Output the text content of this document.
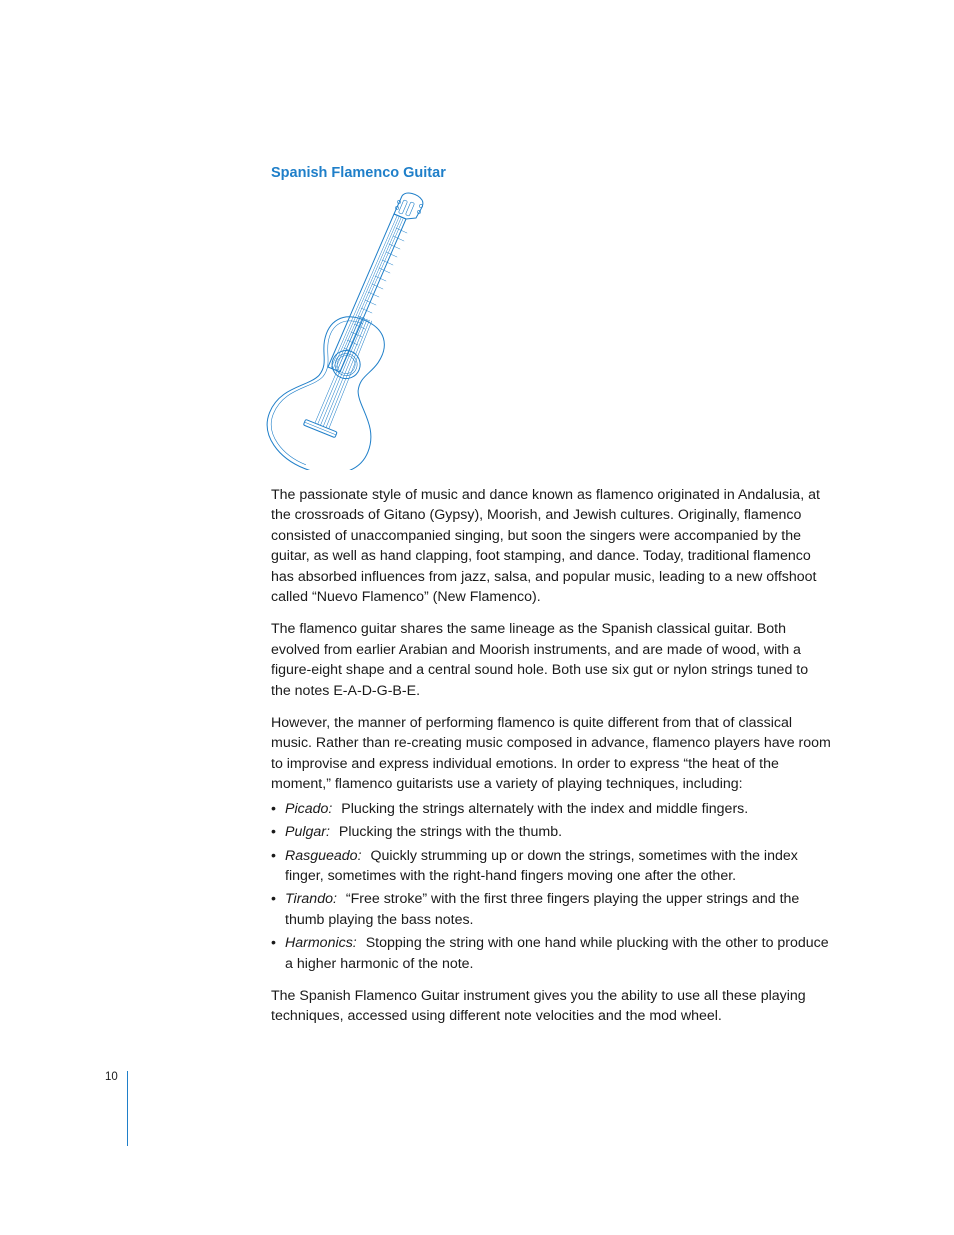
Spanish Flamenco Guitar

The passionate style of music and dance known as flamenco originated in Andalusia, at the crossroads of Gitano (Gypsy), Moorish, and Jewish cultures. Originally, flamenco consisted of unaccompanied singing, but soon the singers were accompanied by the guitar, as well as hand clapping, foot stamping, and dance. Today, traditional flamenco has absorbed influences from jazz, salsa, and popular music, leading to a new offshoot called “Nuevo Flamenco” (New Flamenco).

The flamenco guitar shares the same lineage as the Spanish classical guitar. Both evolved from earlier Arabian and Moorish instruments, and are made of wood, with a figure-eight shape and a central sound hole. Both use six gut or nylon strings tuned to the notes E-A-D-G-B-E.

However, the manner of performing flamenco is quite different from that of classical music. Rather than re-creating music composed in advance, flamenco players have room to improvise and express individual emotions. In order to express “the heat of the moment,” flamenco guitarists use a variety of playing techniques, including:

• Picado: Plucking the strings alternately with the index and middle fingers.
• Pulgar: Plucking the strings with the thumb.
• Rasgueado: Quickly strumming up or down the strings, sometimes with the index finger, sometimes with the right-hand fingers moving one after the other.
• Tirando: “Free stroke” with the first three fingers playing the upper strings and the thumb playing the bass notes.
• Harmonics: Stopping the string with one hand while plucking with the other to produce a higher harmonic of the note.

The Spanish Flamenco Guitar instrument gives you the ability to use all these playing techniques, accessed using different note velocities and the mod wheel.

10
